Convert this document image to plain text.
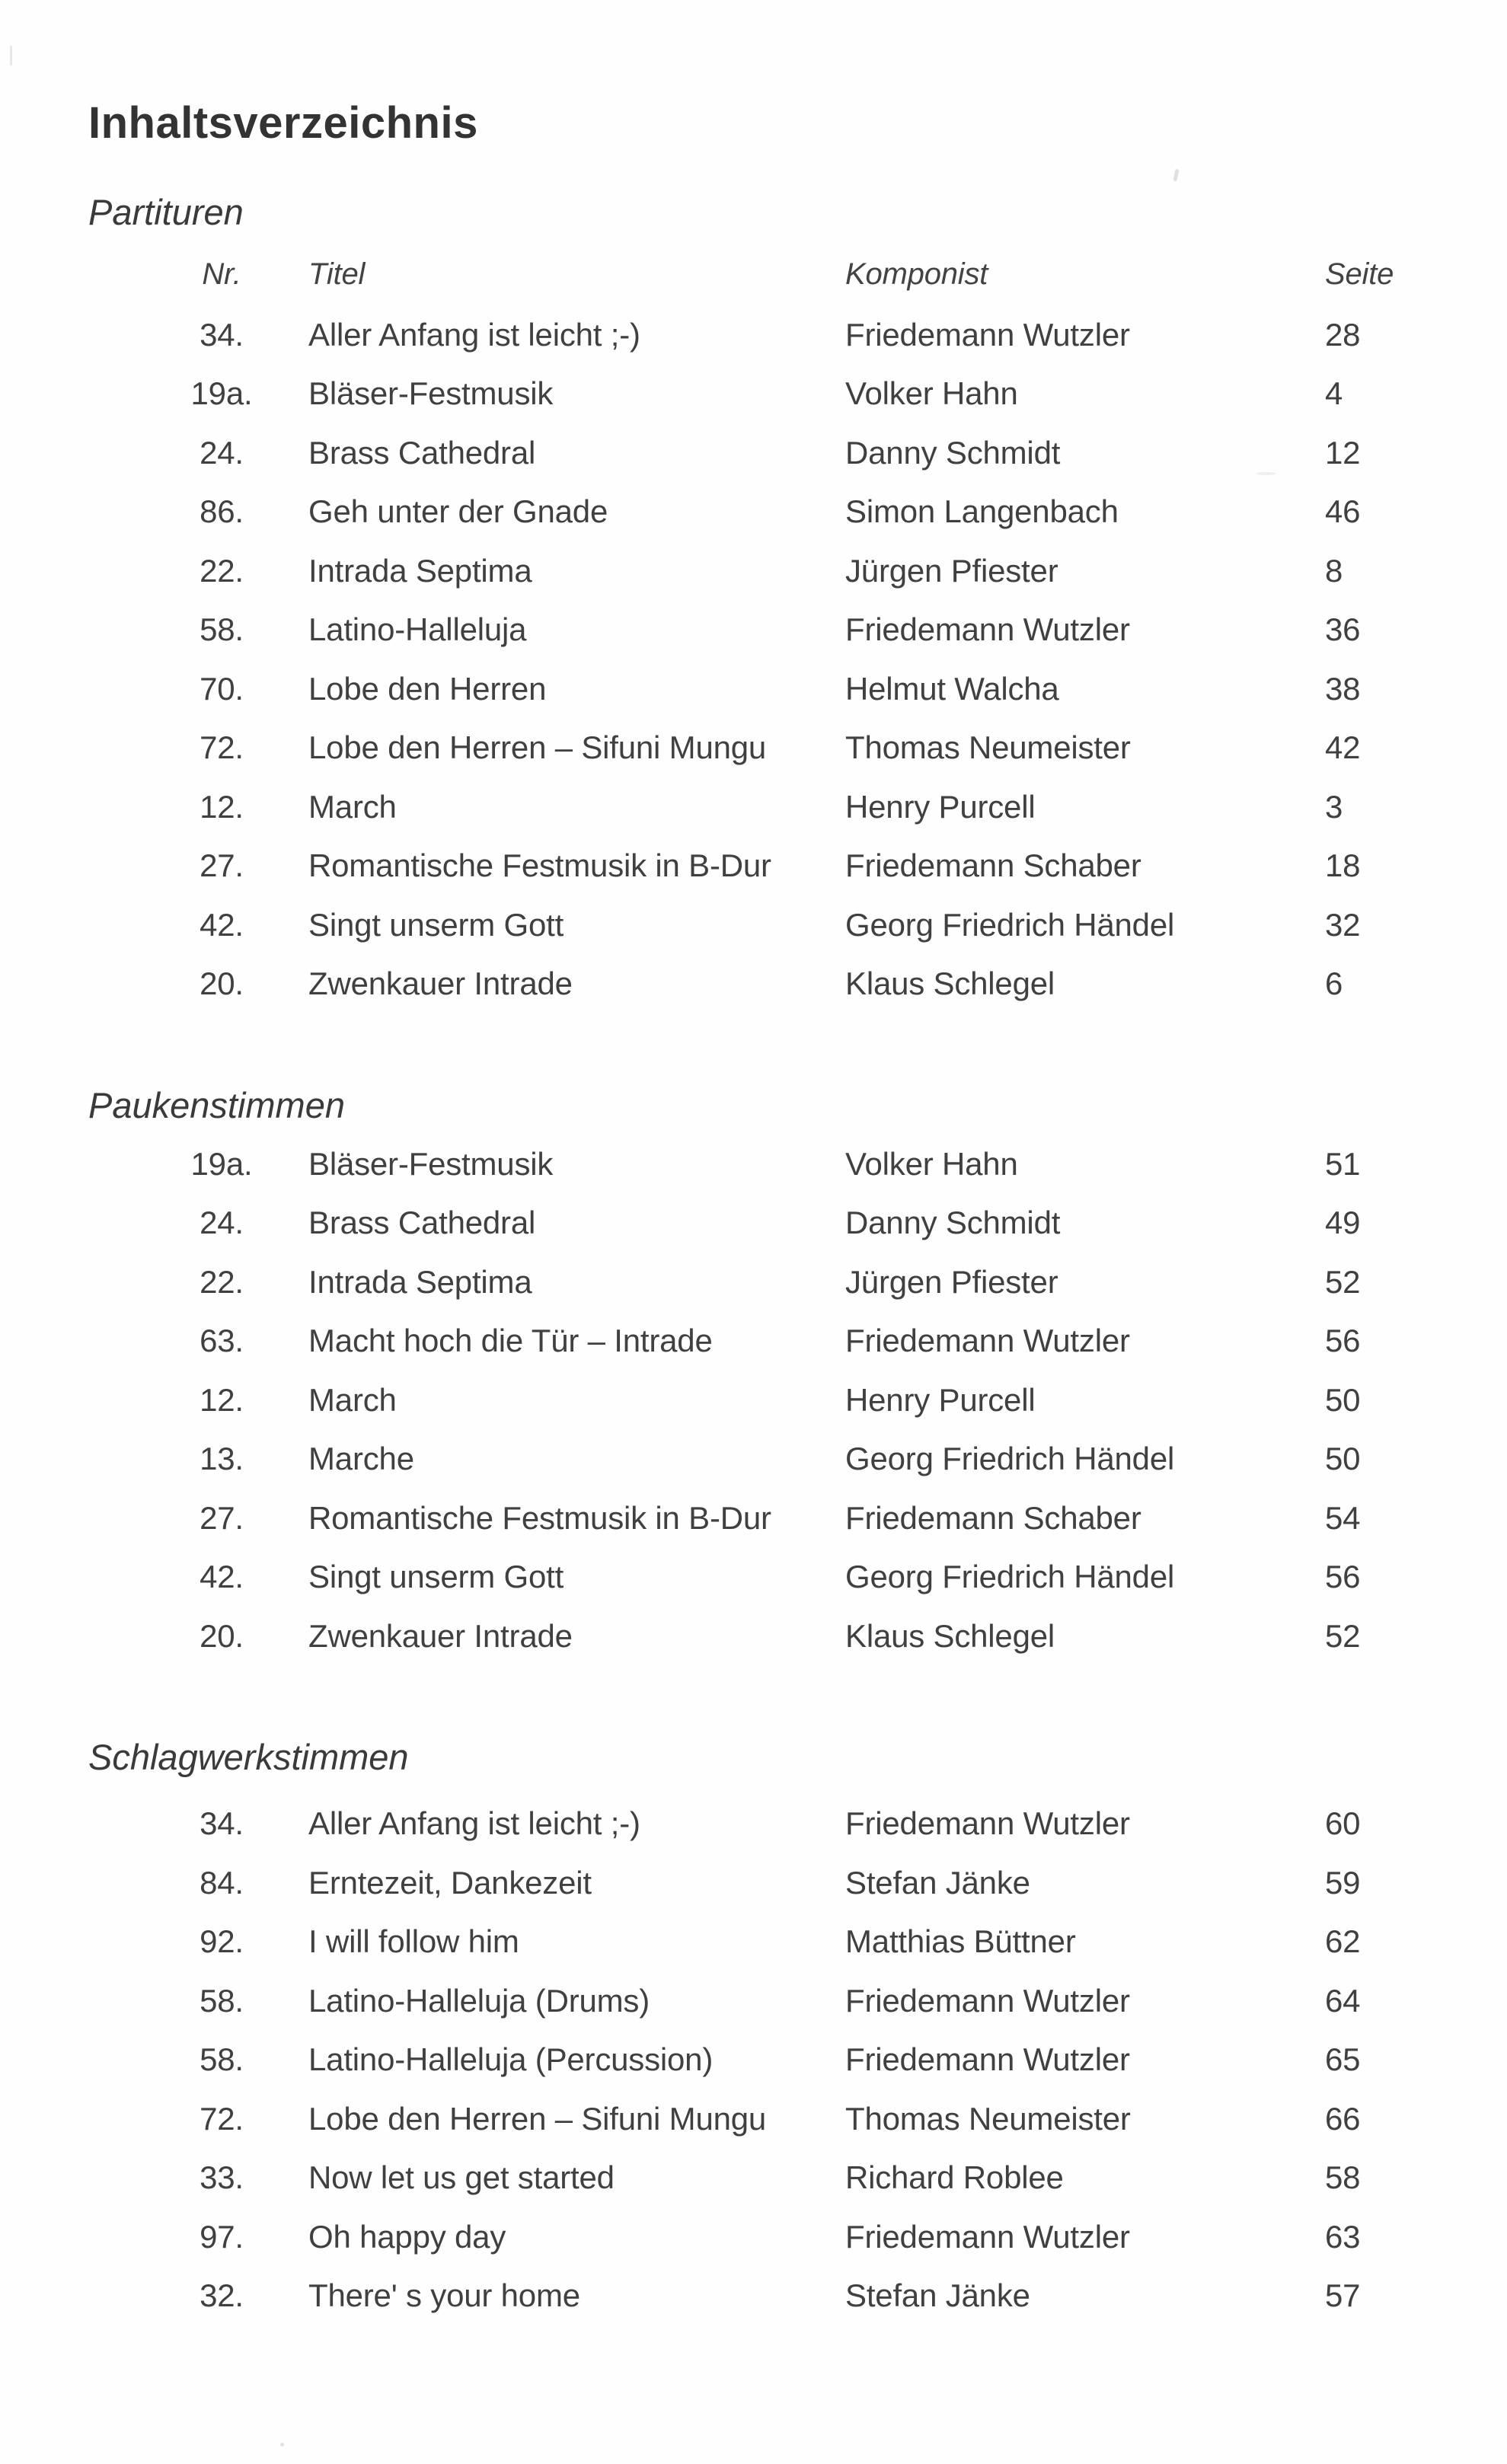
Inhaltsverzeichnis
Partituren
Nr.	Titel	Komponist	Seite
34.	Aller Anfang ist leicht ;-)	Friedemann Wutzler	28
19a.	Bläser-Festmusik	Volker Hahn	4
24.	Brass Cathedral	Danny Schmidt	12
86.	Geh unter der Gnade	Simon Langenbach	46
22.	Intrada Septima	Jürgen Pfiester	8
58.	Latino-Halleluja	Friedemann Wutzler	36
70.	Lobe den Herren	Helmut Walcha	38
72.	Lobe den Herren – Sifuni Mungu	Thomas Neumeister	42
12.	March	Henry Purcell	3
27.	Romantische Festmusik in B-Dur	Friedemann Schaber	18
42.	Singt unserm Gott	Georg Friedrich Händel	32
20.	Zwenkauer Intrade	Klaus Schlegel	6
Paukenstimmen
19a.	Bläser-Festmusik	Volker Hahn	51
24.	Brass Cathedral	Danny Schmidt	49
22.	Intrada Septima	Jürgen Pfiester	52
63.	Macht hoch die Tür – Intrade	Friedemann Wutzler	56
12.	March	Henry Purcell	50
13.	Marche	Georg Friedrich Händel	50
27.	Romantische Festmusik in B-Dur	Friedemann Schaber	54
42.	Singt unserm Gott	Georg Friedrich Händel	56
20.	Zwenkauer Intrade	Klaus Schlegel	52
Schlagwerkstimmen
34.	Aller Anfang ist leicht ;-)	Friedemann Wutzler	60
84.	Erntezeit, Dankezeit	Stefan Jänke	59
92.	I will follow him	Matthias Büttner	62
58.	Latino-Halleluja (Drums)	Friedemann Wutzler	64
58.	Latino-Halleluja (Percussion)	Friedemann Wutzler	65
72.	Lobe den Herren – Sifuni Mungu	Thomas Neumeister	66
33.	Now let us get started	Richard Roblee	58
97.	Oh happy day	Friedemann Wutzler	63
32.	There' s your home	Stefan Jänke	57
